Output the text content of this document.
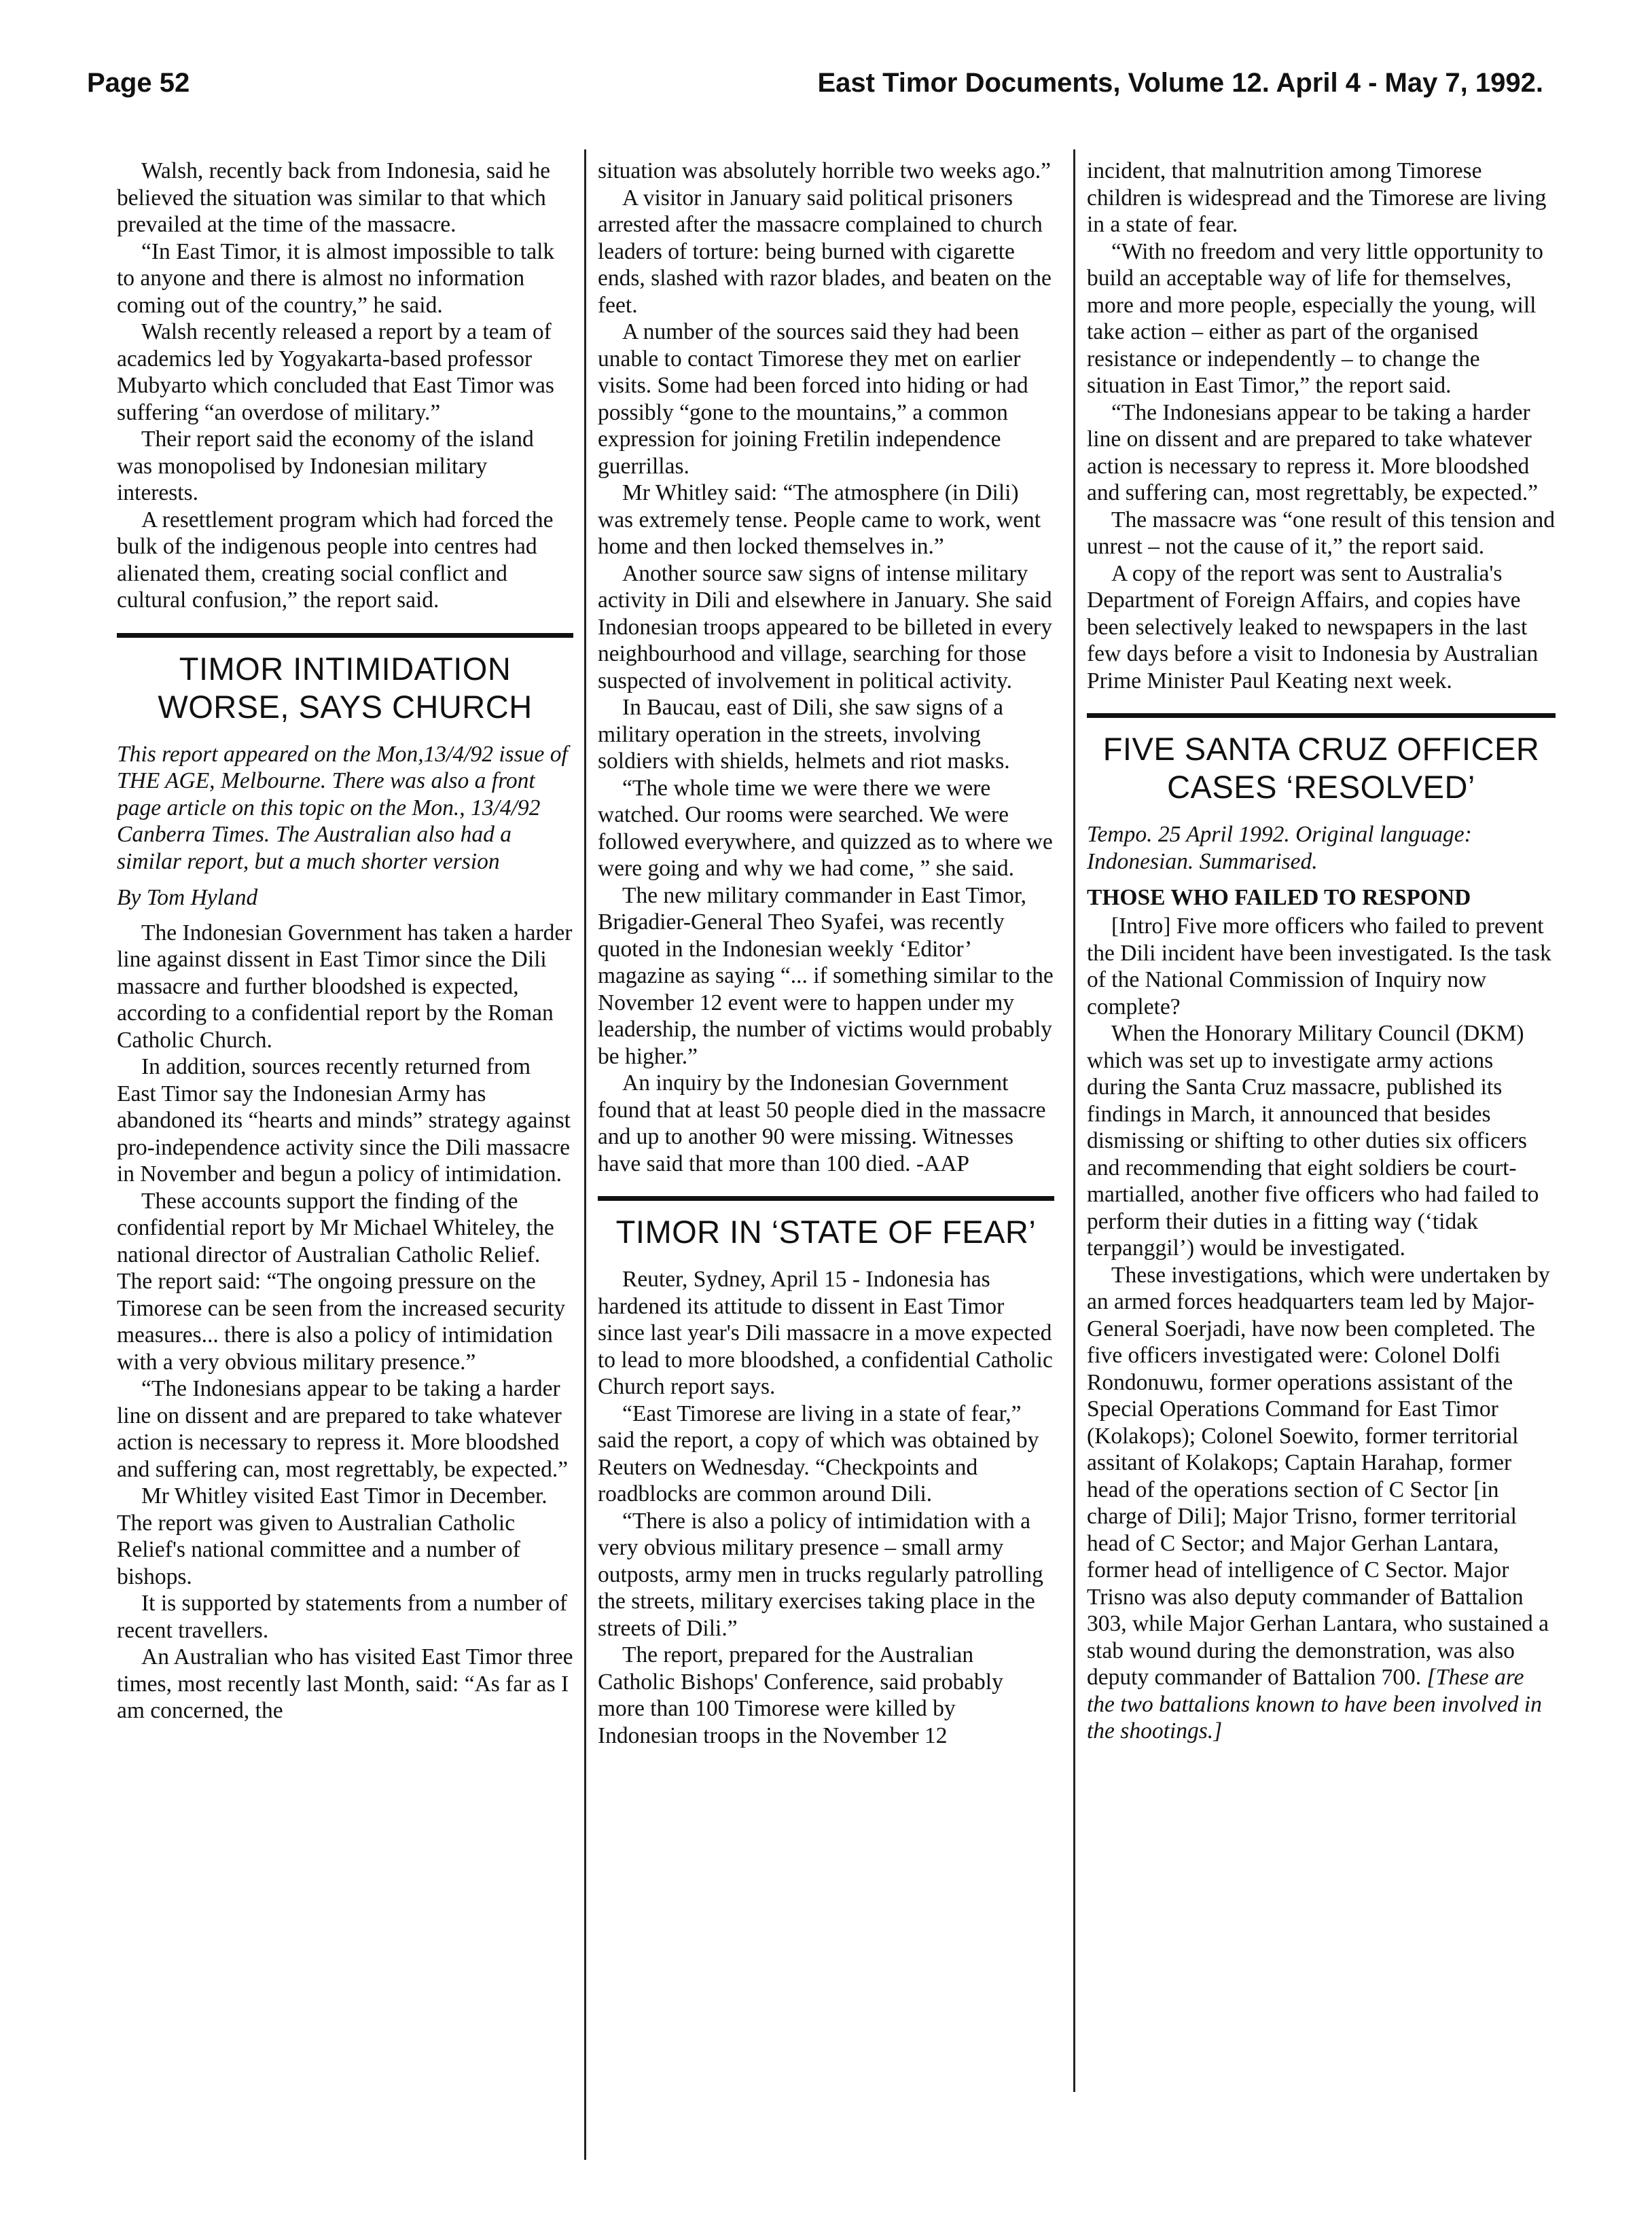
Page 52	East Timor Documents, Volume 12. April 4 - May 7, 1992.

Walsh, recently back from Indonesia, said he believed the situation was similar to that which prevailed at the time of the massacre.

“In East Timor, it is almost impossible to talk to anyone and there is almost no information coming out of the country,” he said.

Walsh recently released a report by a team of academics led by Yogyakarta-based professor Mubyarto which concluded that East Timor was suffering “an overdose of military.”

Their report said the economy of the island was monopolised by Indonesian military interests.

A resettlement program which had forced the bulk of the indigenous people into centres had alienated them, creating social conflict and cultural confusion,” the report said.

TIMOR INTIMIDATION WORSE, SAYS CHURCH

This report appeared on the Mon,13/4/92 issue of THE AGE, Melbourne. There was also a front page article on this topic on the Mon., 13/4/92 Canberra Times. The Australian also had a similar report, but a much shorter version

By Tom Hyland

The Indonesian Government has taken a harder line against dissent in East Timor since the Dili massacre and further bloodshed is expected, according to a confidential report by the Roman Catholic Church.

In addition, sources recently returned from East Timor say the Indonesian Army has abandoned its “hearts and minds” strategy against pro-independence activity since the Dili massacre in November and begun a policy of intimidation.

These accounts support the finding of the confidential report by Mr Michael Whiteley, the national director of Australian Catholic Relief. The report said: “The ongoing pressure on the Timorese can be seen from the increased security measures... there is also a policy of intimidation with a very obvious military presence.”

“The Indonesians appear to be taking a harder line on dissent and are prepared to take whatever action is necessary to repress it. More bloodshed and suffering can, most regrettably, be expected.”

Mr Whitley visited East Timor in December. The report was given to Australian Catholic Relief's national committee and a number of bishops.

It is supported by statements from a number of recent travellers.

An Australian who has visited East Timor three times, most recently last Month, said: “As far as I am concerned, the

situation was absolutely horrible two weeks ago.”

A visitor in January said political prisoners arrested after the massacre complained to church leaders of torture: being burned with cigarette ends, slashed with razor blades, and beaten on the feet.

A number of the sources said they had been unable to contact Timorese they met on earlier visits. Some had been forced into hiding or had possibly “gone to the mountains,” a common expression for joining Fretilin independence guerrillas.

Mr Whitley said: “The atmosphere (in Dili) was extremely tense. People came to work, went home and then locked themselves in.”

Another source saw signs of intense military activity in Dili and elsewhere in January. She said Indonesian troops appeared to be billeted in every neighbourhood and village, searching for those suspected of involvement in political activity.

In Baucau, east of Dili, she saw signs of a military operation in the streets, involving soldiers with shields, helmets and riot masks.

“The whole time we were there we were watched. Our rooms were searched. We were followed everywhere, and quizzed as to where we were going and why we had come, ” she said.

The new military commander in East Timor, Brigadier-General Theo Syafei, was recently quoted in the Indonesian weekly ‘Editor’ magazine as saying “... if something similar to the November 12 event were to happen under my leadership, the number of victims would probably be higher.”

An inquiry by the Indonesian Government found that at least 50 people died in the massacre and up to another 90 were missing. Witnesses have said that more than 100 died. -AAP

TIMOR IN ‘STATE OF FEAR’

Reuter, Sydney, April 15 - Indonesia has hardened its attitude to dissent in East Timor since last year's Dili massacre in a move expected to lead to more bloodshed, a confidential Catholic Church report says.

“East Timorese are living in a state of fear,” said the report, a copy of which was obtained by Reuters on Wednesday. “Checkpoints and roadblocks are common around Dili.

“There is also a policy of intimidation with a very obvious military presence – small army outposts, army men in trucks regularly patrolling the streets, military exercises taking place in the streets of Dili.”

The report, prepared for the Australian Catholic Bishops' Conference, said probably more than 100 Timorese were killed by Indonesian troops in the November 12

incident, that malnutrition among Timorese children is widespread and the Timorese are living in a state of fear.

“With no freedom and very little opportunity to build an acceptable way of life for themselves, more and more people, especially the young, will take action – either as part of the organised resistance or independently – to change the situation in East Timor,” the report said.

“The Indonesians appear to be taking a harder line on dissent and are prepared to take whatever action is necessary to repress it. More bloodshed and suffering can, most regrettably, be expected.”

The massacre was “one result of this tension and unrest – not the cause of it,” the report said.

A copy of the report was sent to Australia's Department of Foreign Affairs, and copies have been selectively leaked to newspapers in the last few days before a visit to Indonesia by Australian Prime Minister Paul Keating next week.

FIVE SANTA CRUZ OFFICER CASES ‘RESOLVED’

Tempo. 25 April 1992. Original language: Indonesian. Summarised.

THOSE WHO FAILED TO RESPOND

[Intro] Five more officers who failed to prevent the Dili incident have been investigated. Is the task of the National Commission of Inquiry now complete?

When the Honorary Military Council (DKM) which was set up to investigate army actions during the Santa Cruz massacre, published its findings in March, it announced that besides dismissing or shifting to other duties six officers and recommending that eight soldiers be court-martialled, another five officers who had failed to perform their duties in a fitting way (‘tidak terpanggil’) would be investigated.

These investigations, which were undertaken by an armed forces headquarters team led by Major-General Soerjadi, have now been completed. The five officers investigated were: Colonel Dolfi Rondonuwu, former operations assistant of the Special Operations Command for East Timor (Kolakops); Colonel Soewito, former territorial assitant of Kolakops; Captain Harahap, former head of the operations section of C Sector [in charge of Dili]; Major Trisno, former territorial head of C Sector; and Major Gerhan Lantara, former head of intelligence of C Sector. Major Trisno was also deputy commander of Battalion 303, while Major Gerhan Lantara, who sustained a stab wound during the demonstration, was also deputy commander of Battalion 700. [These are the two battalions known to have been involved in the shootings.]
